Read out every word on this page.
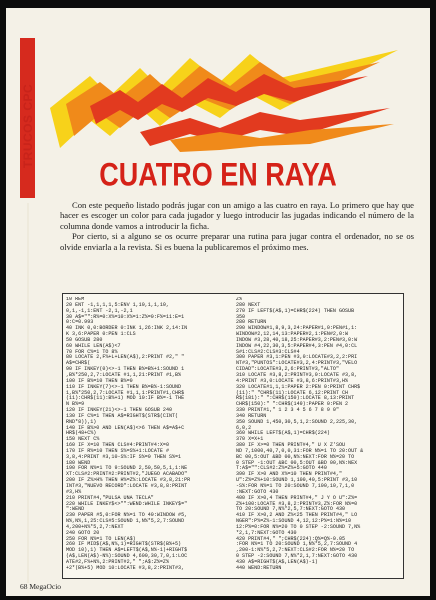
TRUCOS CPC
CUATRO EN RAYA

Con este pequeño listado podrás jugar con un amigo a las cuatro en raya. Lo primero que hay que hacer es escoger un color para cada jugador y luego introducir las jugadas indicando el número de la columna donde vamos a introducir la ficha.

Por cierto, si a alguno se os ocurre preparar una rutina para jugar contra el ordenador, no se os olvide enviarla a la revista. Si es buena la publicaremos el próximo mes.

10 REM
20 ENT -1,1,1,1,5:ENV 1,10,1,1,10,
0,1,-1,1:ENT -2,1,-2,1
30 A$="":R%=0:X%=10:X%=1:Z%=0:F%=11:E=1
0:C=0.993
40 INK 0,0:BORDER 0:INK 1,26:INK 2,14:IN
K 3,6:PAPER 0:PEN 1:CLS
50 GOSUB 280
60 WHILE LEN(A$)<7
70 FOR C%=1 TO 8%
80 LOCATE 2,F%+L+LEN(A$),2:PRINT #2," "
A$=CHR$(
90 IF INKEY(0)<>-1 THEN B%=B%+1:SOUND 1
,B%*250,2,7:LOCATE #1,1,21:PRINT #1,B%
100 IF B%=10 THEN B%=0
110 IF INKEY(7)<>-1 THEN B%=B%-1:SOUND
1,B%*250,2,7:LOCATE #1,1,1:PRINT#1,CHR$
(11):CHR$(11):B%+1) MOD 10:IF B%=-1 THE
N B%=9
120 IF INKEY(21)<>-1 THEN GOSUB 240
130 IF C%=1 THEN A$=RIGHT$(STR$(CINT(
RND*8)),1)
140 IF B%>0 AND LEN(A$)<>6 THEN A$=A$+C
HR$(48+C%)
150 NEXT C%
160 IF X=10 THEN CLS#4:PRINT#4:X=0
170 IF R%=10 THEN S%=S%+1:LOCATE #
3,8,4:PRINT #3,10-S%:IF S%=0 THEN S%=1
180 WEND
190 FOR N%=1 TO 9:SOUND 2,50,50,5,1,1:NE
XT:CLS#2:PRINT#2:PRINT#2,"JUEGO ACABADO"
200 IF Z%>H% THEN H%=Z%:LOCATE #3,8,21:PR
INT#3,"NUEVO RECORD":LOCATE #3,8,8:PRINT
#3,H%
210 PRINT#4,"PULSA UNA TECLA"
220 WHILE INKEY$<>"":WEND:WHILE INKEY$="
":WEND
230 PAPER #5,0:FOR N%=1 TO 40:WINDOW #5,
N%,N%,1,25:CLS#5:SOUND 1,N%*5,2,7:SOUND
4,200+N%*5,2,7:NEXT
240 GOTO 20
250 FOR N%=1 TO LEN(A$)
260 IF MID$(A$,N%,1)=RIGHT$(STR$(B%+5)
MOD 10),1) THEN A$=LEFT$(A$,N%-1)+RIGHT$
(A$,LEN(A$)-N%):SOUND 4,600,30,7,0,1:LOC
ATE#2,F%+N%,2:PRINT#2," ";A$:Z%=Z%
+2*(B%+5) MOD 10:LOCATE #3,8,2:PRINT#3,
Z%
280 NEXT
270 IF LEFT$(A$,1)=CHR$(224) THEN GOSUB
350
280 RETURN
290 WINDOW#1,8,9,3,24:PAPER#1,0:PEN#1,1:
WINDOW#2,12,14,13:PAPER#2,1:PEN#2,0:W
INDOW #3,28,40,18,25:PAPER#3,2:PEN#3,0:W
INDOW #4,22,30,3,5:PAPER#4,3:PEN #4,0:CL
S#1:CLS#2:CLS#3:CLS#4
300 PAPER #3,1:PEN #3,0:LOCATE#3,2,2:PRI
NT#3,"PUNTOS":LOCATE#3,2,4:PRINT#3,"VELO
CIDAD":LOCATE#3,2,6:PRINT#3,"ALTO"
310 LOCATE #3,8,2:PRINT#3,0:LOCATE #3,8,
4:PRINT #3,0:LOCATE #3,8,6:PRINT#3,H%
320 LOCATE#1,1,1:PAPER 2:PEN 0:PRINT CHR$
(11):" "CHR$(11):LOCATE 6,12:PRINT CH
R$(181):" ":CHR$(150):LOCATE 8,13:PRINT
CHR$(150):" ":CHR$(149):PAPER 0:PEN 2
330 PRINT#1," 1 2 3 4 5 6 7 8 9 0"
340 RETURN
350 SOUND 1,450,30,5,1,2:SOUND 2,225,30,
6,0,2
360 WHILE LEFT$(A$,1)=CHR$(224)
370 X=X+1
380 IF X>=0 THEN PRINT#4," U X Z'SOU
ND 7,1000,40,7,0,0,31:FOR N%=1 TO 20:OUT &
BC 00,5:OUT &BD 00,N%:NEXT:FOR N%=20 TO
0 STEP -1:OUT &BC 00,5:OUT &BD 00,N%:NEX
T:A$="":CLS#2:Z%=Z%+5:GOTO 440
390 IF X>0 AND X%=10 THEN PRINT#4,"
U":Z%=Z%+10:SOUND 1,100,40,5:PRINT #3,10
-S%:FOR N%=1 TO 20:SOUND 7,100,10,7,1,0
:NEXT:GOTO 430
400 IF X>0,4 THEN PRINT#4," J Y O U":Z%=
Z%+100:LOCATE #3,8,2:PRINT#3,Z%:FOR N%=0
TO 20:SOUND 7,N%*2,5,7:NEXT:GOTO 430
410 IF X>0,2 AND Z%<25 THEN PRINT#4," LO
NGER":P%=Z%-1:SOUND 4,12,12:P%=1:N%=10
12:P%=0:FOR N%=20 TO 0 STEP -2:SOUND 7,N%
*2,1,7:NEXT:GOTO 430
420 PRINT#4," ";CHR$(224):Q%=Q%-0.05
:FOR N%=1 TO 20:SOUND 1,N%*5,2,7:SOUND 4
,200-1:N%*5,2,7:NEXT:CLS#2:FOR N%=20 TO
0 STEP -2:SOUND 7,N%*2,1,7:NEXT:GOTO 430
430 A$=RIGHT$(A$,LEN(A$)-1)
440 WEND:RETURN
68 MegaOcio
